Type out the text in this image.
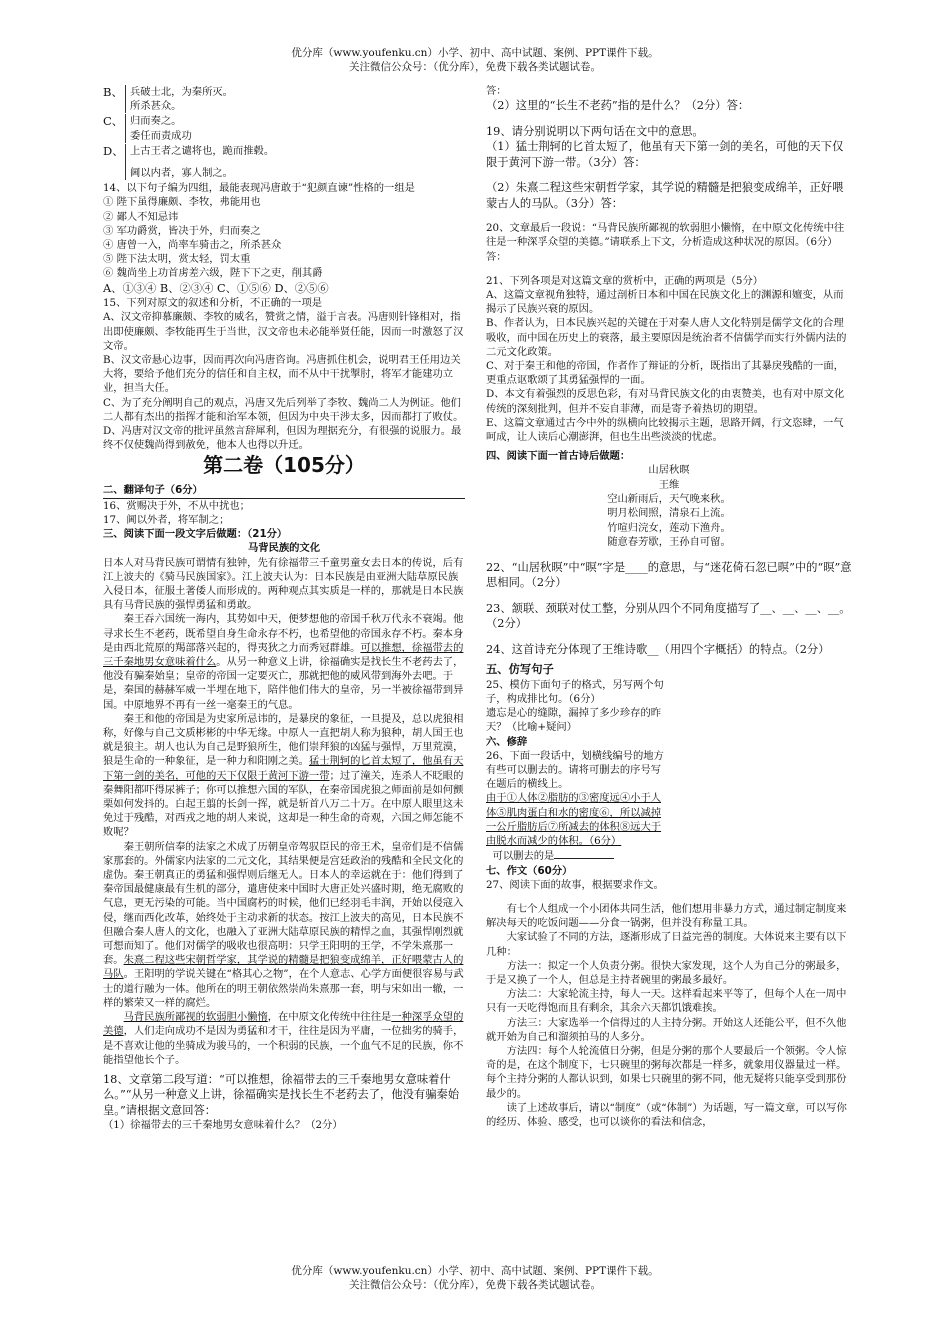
优分库（www.youfenku.cn）小学、初中、高中试题、案例、PPT课件下载。
关注微信公众号：（优分库），免费下载各类试题试卷。
B、 兵破士北，为秦所灭。

所杀甚众。

C、 归而奏之。

委任而责成功

D、 上古王者之谴将也，跪而推毂。

阃以内者，寡人制之。

14、以下句子编为四组，最能表现冯唐敢于“犯颜直谏”性格的一组是

① 陛下虽得廉颇、李牧，弗能用也

② 鄙人不知忌讳

③ 军功爵赏，皆决于外，归而奏之

④ 唐曾一入，尚率车骑击之，所杀甚众

⑤ 陛下法太明，赏太轻，罚太重

⑥ 魏尚坐上功首虏差六级，陛下下之吏，削其爵

A、①③④ B、②③④ C、①⑤⑥ D、②⑤⑥

15、下列对原文的叙述和分析，不正确的一项是

A、汉文帝抑慕廉颇、李牧的威名，赞赏之情，溢于言表。冯唐则针锋相对，指出即使廉颇、李牧能再生于当世，汉文帝也未必能举贤任能，因而一时激怒了汉文帝。

B、汉文帝悬心边事，因而再次向冯唐咨询。冯唐抓住机会，说明君王任用边关大将，要给予他们充分的信任和自主权，而不从中干扰掣肘，将军才能建功立业，担当大任。

C、为了充分阐明自己的观点，冯唐又先后列举了李牧、魏尚二人为例证。他们二人都有杰出的指挥才能和治军本领，但因为中央干涉太多，因而都打了败仗。

D、冯唐对汉文帝的批评虽然言辞犀利，但因为理据充分，有很强的说服力。最终不仅使魏尚得到赦免，他本人也得以升迁。

第二卷（105分）

二、翻译句子（6分）

16、赏赐决于外，不从中扰也；

17、阃以外者，将军制之；

三、阅读下面一段文字后做题：（21分）

马背民族的文化

日本人对马背民族可谓情有独钟，先有徐福带三千童男童女去日本的传说，后有江上波夫的《骑马民族国家》。江上波夫认为：日本民族是由亚洲大陆草原民族入侵日本，征服土著倭人而形成的。两种观点其实质是一样的，那就是日本民族具有马背民族的强悍勇猛和勇敢。

秦王吞六国统一海内，其势如中天，便梦想他的帝国千秋万代永不衰竭。他寻求长生不老药，既希望自身生命永存不朽，也希望他的帝国永存不朽。秦本身是由西北荒原的羯部落兴起的，得夷狄之力而秀冠群雄。可以推想，徐福带去的三千秦地男女意味着什么。从另一种意义上讲，徐福确实是找长生不老药去了，他没有骗秦始皇；皇帝的帝国一定要灭亡，那就把他的威风带到海外去吧。于是，秦国的赫赫军威一半埋在地下，陪伴他们伟大的皇帝，另一半被徐福带到异国。中原地界不再有一丝一毫秦王的气息。

秦王和他的帝国是为史家所忌讳的，是暴戾的象征，一旦提及，总以虎狼相称，好像与自己文质彬彬的中华无缘。中原人一直把胡人称为狼种，胡人国王也就是狼主。胡人也认为自己是野狼所生，他们崇拜狼的凶猛与强悍，万里荒漠，狼是生命的一种象征，是一种力和阳刚之美。猛士荆轲的匕首太短了，他虽有天下第一剑的美名，可他的天下仅限于黄河下游一带；过了潼关，连杀人不眨眼的秦舞阳都吓得尿裤子；你可以推想六国的军队，在秦帝国虎狼之师面前是如何颤栗如何发抖的。白起王翦的长剑一挥，就是斩首八万二十万。在中原人眼里这未免过于残酷，对西戎之地的胡人来说，这却是一种生命的奇观，六国之师怎能不败呢？

秦王朝所信奉的法家之术成了历朝皇帝驾驭臣民的帝王术，皇帝们是不信儒家那套的。外儒家内法家的二元文化，其结果便是宫廷政治的残酷和全民文化的虚伪。秦王朝真正的勇猛和强悍则后继无人。日本人的幸运就在于：他们得到了秦帝国最健康最有生机的部分，遣唐使来中国时大唐正处兴盛时期，绝无腐败的气息，更无污染的可能。当中国腐朽的时候，他们已经羽毛丰润，开始以侵寇入侵，继而西化改革，始终处于主动求新的状态。按江上波夫的高见，日本民族不但融合秦人唐人的文化，也融入了亚洲大陆草原民族的精悍之血，其强悍刚烈就可想而知了。他们对儒学的吸收也很高明：只学王阳明的王学，不学朱熹那一套。朱熹二程这些宋朝哲学家，其学说的精髓是把狼变成绵羊，正好喂蒙古人的马队。王阳明的学说关键在“格其心之物”，在个人意志、心学方面便很容易与武士的道行融为一体。他所在的明王朝依然崇尚朱熹那一套，明与宋如出一辙，一样的繁荣又一样的腐烂。

马背民族所鄙视的软弱胆小懒惰，在中原文化传统中往往是一种深孚众望的美德，人们走向成功不是因为勇猛和才干，往往是因为平庸，一位拙劣的骑手，是不喜欢让他的坐骑成为骏马的，一个积弱的民族，一个血气不足的民族，你不能指望他长个子。

18、文章第二段写道：“可以推想，徐福带去的三千秦地男女意味着什么。”“从另一种意义上讲，徐福确实是找长生不老药去了，他没有骗秦始皇。”请根据文意回答：

（1）徐福带去的三千秦地男女意味着什么？（2分）

答：

（2）这里的“长生不老药”指的是什么？（2分）答：

19、请分别说明以下两句话在文中的意思。

（1）猛士荆轲的匕首太短了，他虽有天下第一剑的美名，可他的天下仅限于黄河下游一带。（3分）答：

（2）朱熹二程这些宋朝哲学家，其学说的精髓是把狼变成绵羊，正好喂蒙古人的马队。（3分）答：

20、文章最后一段说：“马背民族所鄙视的软弱胆小懒惰，在中原文化传统中往往是一种深孚众望的美德。”请联系上下文，分析造成这种状况的原因。（6分）答：

21、下列各项是对这篇文章的赏析中，正确的两项是（5分）

A、这篇文章视角独特，通过剖析日本和中国在民族文化上的渊源和嬗变，从而揭示了民族兴衰的原因。

B、作者认为，日本民族兴起的关键在于对秦人唐人文化特别是儒学文化的合理吸收，而中国在历史上的衰落，最主要原因是统治者不信儒学而实行外儒内法的二元文化政策。

C、对于秦王和他的帝国，作者作了辩证的分析，既指出了其暴戾残酷的一面，更重点讴歌颂了其勇猛强悍的一面。

D、本文有着强烈的反思色彩，有对马背民族文化的由衷赞美，也有对中原文化传统的深刻批判，但并不妄自菲薄，而是寄予着热切的期望。

E、这篇文章通过古今中外的纵横向比较揭示主题，思路开阔，行文恣肆，一气呵成，让人读后心潮澎湃，但也生出些淡淡的忧虑。

四、阅读下面一首古诗后做题：

山居秋暝

王维

空山新雨后，天气晚来秋。

明月松间照，清泉石上流。

竹喧归浣女，莲动下渔舟。

随意春芳歇，王孙自可留。

22、“山居秋暝”中“暝”字是____的意思，与“迷花倚石忽已暝”中的“暝”意思相同。（2分）

23、颔联、颈联对仗工整，分别从四个不同角度描写了__、__、__、__。（2分）

24、这首诗充分体现了王维诗歌__（用四个字概括）的特点。（2分）

五、仿写句子

25、模仿下面句子的格式，另写两个句子，构成排比句。（6分）

遗忘是心的缝隙，漏掉了多少珍存的昨天？（比喻+疑问）

六、修辞

26、下面一段话中，划横线编号的地方有些可以删去的。请将可删去的序号写在题后的横线上。

由于①人体②脂肪的③密度远④小于人体⑤肌肉蛋白和水的密度⑥，所以减掉一公斤脂肪后⑦所减去的体积⑧远大于由脱水而减少的体积。（6分）

可以删去的是

七、作文（60分）

27、阅读下面的故事，根据要求作文。

有七个人组成一个小团体共同生活，他们想用非暴力方式，通过制定制度来解决每天的吃饭问题——分食一锅粥，但并没有称量工具。

大家试验了不同的方法，逐渐形成了日益完善的制度。大体说来主要有以下几种：

方法一：拟定一个人负责分粥。很快大家发现，这个人为自己分的粥最多，于是又换了一个人，但总是主持者碗里的粥最多最好。

方法二：大家轮流主持，每人一天。这样看起来平等了，但每个人在一周中只有一天吃得饱而且有剩余，其余六天都饥饿难挨。

方法三：大家选举一个信得过的人主持分粥。开始这人还能公平，但不久他就开始为自己和溜须拍马的人多分。

方法四：每个人轮流值日分粥，但是分粥的那个人要最后一个领粥。令人惊奇的是，在这个制度下，七只碗里的粥每次都是一样多，就象用仪器量过一样。每个主持分粥的人都认识到，如果七只碗里的粥不同，他无疑将只能享受到那份最少的。

读了上述故事后，请以“制度”（或“体制”）为话题，写一篇文章，可以写你的经历、体验、感受，也可以谈你的看法和信念，

优分库（www.youfenku.cn）小学、初中、高中试题、案例、PPT课件下载。
关注微信公众号：（优分库），免费下载各类试题试卷。
